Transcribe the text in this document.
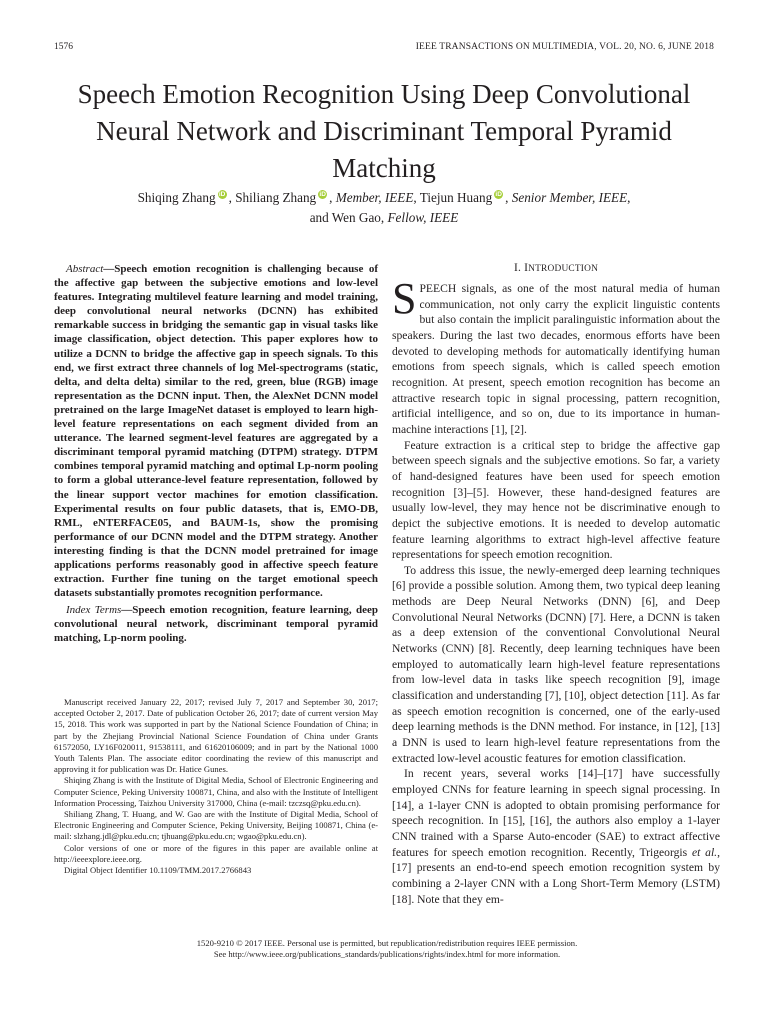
1576	IEEE TRANSACTIONS ON MULTIMEDIA, VOL. 20, NO. 6, JUNE 2018
Speech Emotion Recognition Using Deep Convolutional Neural Network and Discriminant Temporal Pyramid Matching
Shiqing Zhang iD , Shiliang Zhang iD , Member, IEEE, Tiejun Huang iD , Senior Member, IEEE,
and Wen Gao, Fellow, IEEE
Abstract—Speech emotion recognition is challenging because of the affective gap between the subjective emotions and low-level features. Integrating multilevel feature learning and model training, deep convolutional neural networks (DCNN) has exhibited remarkable success in bridging the semantic gap in visual tasks like image classification, object detection. This paper explores how to utilize a DCNN to bridge the affective gap in speech signals. To this end, we first extract three channels of log Mel-spectrograms (static, delta, and delta delta) similar to the red, green, blue (RGB) image representation as the DCNN input. Then, the AlexNet DCNN model pretrained on the large ImageNet dataset is employed to learn high-level feature representations on each segment divided from an utterance. The learned segment-level features are aggregated by a discriminant temporal pyramid matching (DTPM) strategy. DTPM combines temporal pyramid matching and optimal Lp-norm pooling to form a global utterance-level feature representation, followed by the linear support vector machines for emotion classification. Experimental results on four public datasets, that is, EMO-DB, RML, eNTERFACE05, and BAUM-1s, show the promising performance of our DCNN model and the DTPM strategy. Another interesting finding is that the DCNN model pretrained for image applications performs reasonably good in affective speech feature extraction. Further fine tuning on the target emotional speech datasets substantially promotes recognition performance.
Index Terms—Speech emotion recognition, feature learning, deep convolutional neural network, discriminant temporal pyramid matching, Lp-norm pooling.

Manuscript received January 22, 2017; revised July 7, 2017 and September 30, 2017; accepted October 2, 2017. Date of publication October 26, 2017; date of current version May 15, 2018. This work was supported in part by the National Science Foundation of China; in part by the Zhejiang Provincial National Science Foundation of China under Grants 61572050, LY16F020011, 91538111, and 61620106009; and in part by the National 1000 Youth Talents Plan. The associate editor coordinating the review of this manuscript and approving it for publication was Dr. Hatice Gunes.

Shiqing Zhang is with the Institute of Digital Media, School of Electronic Engineering and Computer Science, Peking University 100871, China, and also with the Institute of Intelligent Information Processing, Taizhou University 317000, China (e-mail: tzczsq@pku.edu.cn).

Shiliang Zhang, T. Huang, and W. Gao are with the Institute of Digital Media, School of Electronic Engineering and Computer Science, Peking University, Beijing 100871, China (e-mail: slzhang.jdl@pku.edu.cn; tjhuang@pku.edu.cn; wgao@pku.edu.cn).

Color versions of one or more of the figures in this paper are available online at http://ieeexplore.ieee.org.

Digital Object Identifier 10.1109/TMM.2017.2766843

I. INTRODUCTION

SPEECH signals, as one of the most natural media of human communication, not only carry the explicit linguistic contents but also contain the implicit paralinguistic information about the speakers. During the last two decades, enormous efforts have been devoted to developing methods for automatically identifying human emotions from speech signals, which is called speech emotion recognition. At present, speech emotion recognition has become an attractive research topic in signal processing, pattern recognition, artificial intelligence, and so on, due to its importance in human-machine interactions [1], [2].

Feature extraction is a critical step to bridge the affective gap between speech signals and the subjective emotions. So far, a variety of hand-designed features have been used for speech emotion recognition [3]–[5]. However, these hand-designed features are usually low-level, they may hence not be discriminative enough to depict the subjective emotions. It is needed to develop automatic feature learning algorithms to extract high-level affective feature representations for speech emotion recognition.

To address this issue, the newly-emerged deep learning techniques [6] provide a possible solution. Among them, two typical deep leaning methods are Deep Neural Networks (DNN) [6], and Deep Convolutional Neural Networks (DCNN) [7]. Here, a DCNN is taken as a deep extension of the conventional Convolutional Neural Networks (CNN) [8]. Recently, deep learning techniques have been employed to automatically learn high-level feature representations from low-level data in tasks like speech recognition [9], image classification and understanding [7], [10], object detection [11]. As far as speech emotion recognition is concerned, one of the early-used deep learning methods is the DNN method. For instance, in [12], [13] a DNN is used to learn high-level feature representations from the extracted low-level acoustic features for emotion classification.

In recent years, several works [14]–[17] have successfully employed CNNs for feature learning in speech signal processing. In [14], a 1-layer CNN is adopted to obtain promising performance for speech recognition. In [15], [16], the authors also employ a 1-layer CNN trained with a Sparse Auto-encoder (SAE) to extract affective features for speech emotion recognition. Recently, Trigeorgis et al., [17] presents an end-to-end speech emotion recognition system by combining a 2-layer CNN with a Long Short-Term Memory (LSTM) [18]. Note that they em-

1520-9210 © 2017 IEEE. Personal use is permitted, but republication/redistribution requires IEEE permission.
See http://www.ieee.org/publications_standards/publications/rights/index.html for more information.
